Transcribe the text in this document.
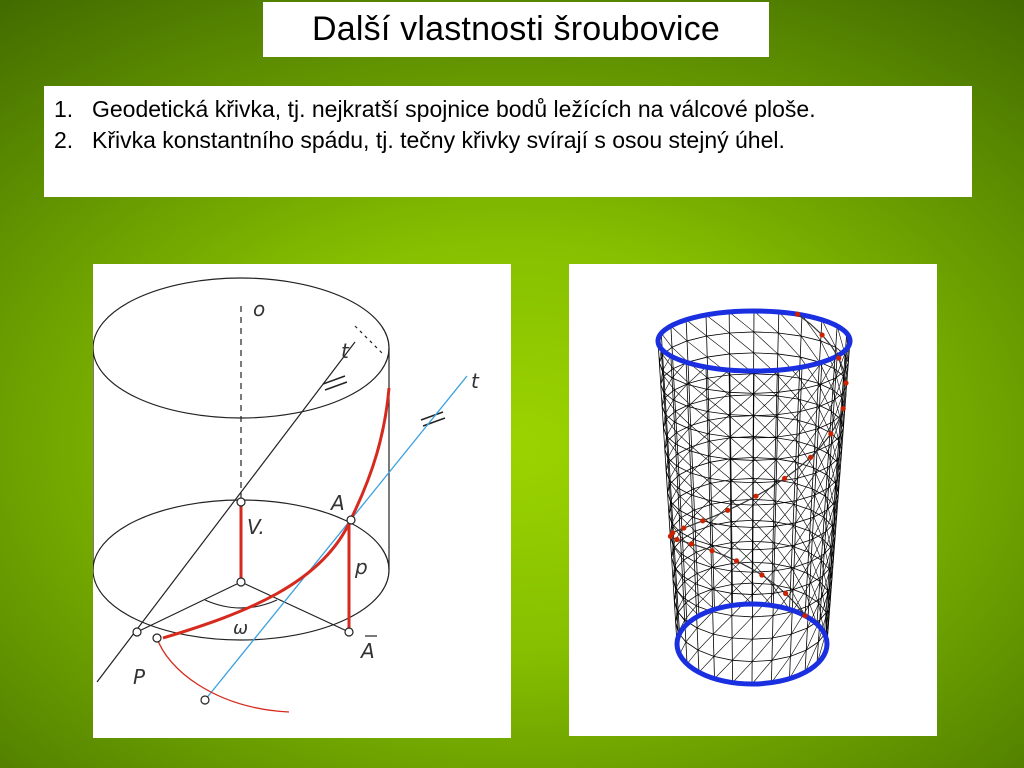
Další vlastnosti šroubovice
1. Geodetická křivka, tj. nejkratší spojnice bodů ležících na válcové ploše.
2. Křivka konstantního spádu, tj. tečny křivky svírají s osou stejný úhel.
o
t
t
A
V.
p
ω
P
A
